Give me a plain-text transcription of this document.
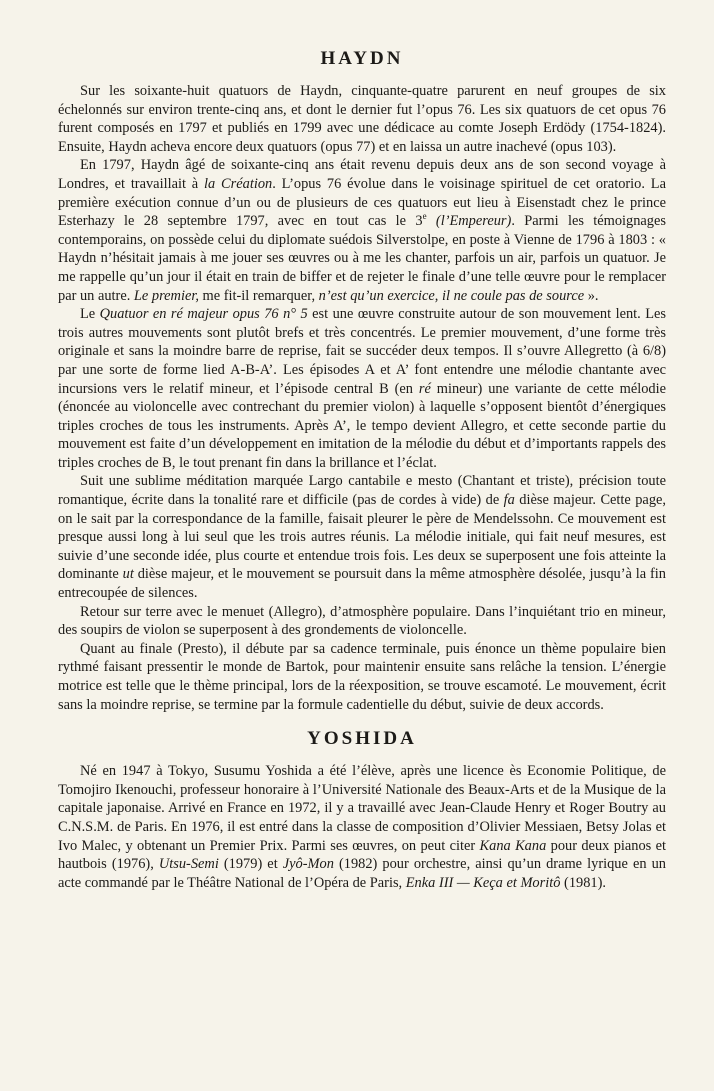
HAYDN

Sur les soixante-huit quatuors de Haydn, cinquante-quatre parurent en neuf groupes de six échelonnés sur environ trente-cinq ans, et dont le dernier fut l’opus 76. Les six quatuors de cet opus 76 furent composés en 1797 et publiés en 1799 avec une dédicace au comte Joseph Erdödy (1754-1824). Ensuite, Haydn acheva encore deux quatuors (opus 77) et en laissa un autre inachevé (opus 103).

En 1797, Haydn âgé de soixante-cinq ans était revenu depuis deux ans de son second voyage à Londres, et travaillait à la Création. L’opus 76 évolue dans le voisinage spirituel de cet oratorio. La première exécution connue d’un ou de plusieurs de ces quatuors eut lieu à Eisenstadt chez le prince Esterhazy le 28 septembre 1797, avec en tout cas le 3e (l’Empereur). Parmi les témoignages contemporains, on possède celui du diplomate suédois Silverstolpe, en poste à Vienne de 1796 à 1803 : « Haydn n’hésitait jamais à me jouer ses œuvres ou à me les chanter, parfois un air, parfois un quatuor. Je me rappelle qu’un jour il était en train de biffer et de rejeter le finale d’une telle œuvre pour le remplacer par un autre. Le premier, me fit-il remarquer, n’est qu’un exercice, il ne coule pas de source ».

Le Quatuor en ré majeur opus 76 n° 5 est une œuvre construite autour de son mouvement lent. Les trois autres mouvements sont plutôt brefs et très concentrés. Le premier mouvement, d’une forme très originale et sans la moindre barre de reprise, fait se succéder deux tempos. Il s’ouvre Allegretto (à 6/8) par une sorte de forme lied A-B-A’. Les épisodes A et A’ font entendre une mélodie chantante avec incursions vers le relatif mineur, et l’épisode central B (en ré mineur) une variante de cette mélodie (énoncée au violoncelle avec contrechant du premier violon) à laquelle s’opposent bientôt d’énergiques triples croches de tous les instruments. Après A’, le tempo devient Allegro, et cette seconde partie du mouvement est faite d’un développement en imitation de la mélodie du début et d’importants rappels des triples croches de B, le tout prenant fin dans la brillance et l’éclat.

Suit une sublime méditation marquée Largo cantabile e mesto (Chantant et triste), précision toute romantique, écrite dans la tonalité rare et difficile (pas de cordes à vide) de fa dièse majeur. Cette page, on le sait par la correspondance de la famille, faisait pleurer le père de Mendelssohn. Ce mouvement est presque aussi long à lui seul que les trois autres réunis. La mélodie initiale, qui fait neuf mesures, est suivie d’une seconde idée, plus courte et entendue trois fois. Les deux se superposent une fois atteinte la dominante ut dièse majeur, et le mouvement se poursuit dans la même atmosphère désolée, jusqu’à la fin entrecoupée de silences.

Retour sur terre avec le menuet (Allegro), d’atmosphère populaire. Dans l’inquiétant trio en mineur, des soupirs de violon se superposent à des grondements de violoncelle.

Quant au finale (Presto), il débute par sa cadence terminale, puis énonce un thème populaire bien rythmé faisant pressentir le monde de Bartok, pour maintenir ensuite sans relâche la tension. L’énergie motrice est telle que le thème principal, lors de la réexposition, se trouve escamoté. Le mouvement, écrit sans la moindre reprise, se termine par la formule cadentielle du début, suivie de deux accords.

YOSHIDA

Né en 1947 à Tokyo, Susumu Yoshida a été l’élève, après une licence ès Economie Politique, de Tomojiro Ikenouchi, professeur honoraire à l’Université Nationale des Beaux-Arts et de la Musique de la capitale japonaise. Arrivé en France en 1972, il y a travaillé avec Jean-Claude Henry et Roger Boutry au C.N.S.M. de Paris. En 1976, il est entré dans la classe de composition d’Olivier Messiaen, Betsy Jolas et Ivo Malec, y obtenant un Premier Prix. Parmi ses œuvres, on peut citer Kana Kana pour deux pianos et hautbois (1976), Utsu-Semi (1979) et Jyô-Mon (1982) pour orchestre, ainsi qu’un drame lyrique en un acte commandé par le Théâtre National de l’Opéra de Paris, Enka III — Keça et Moritô (1981).
